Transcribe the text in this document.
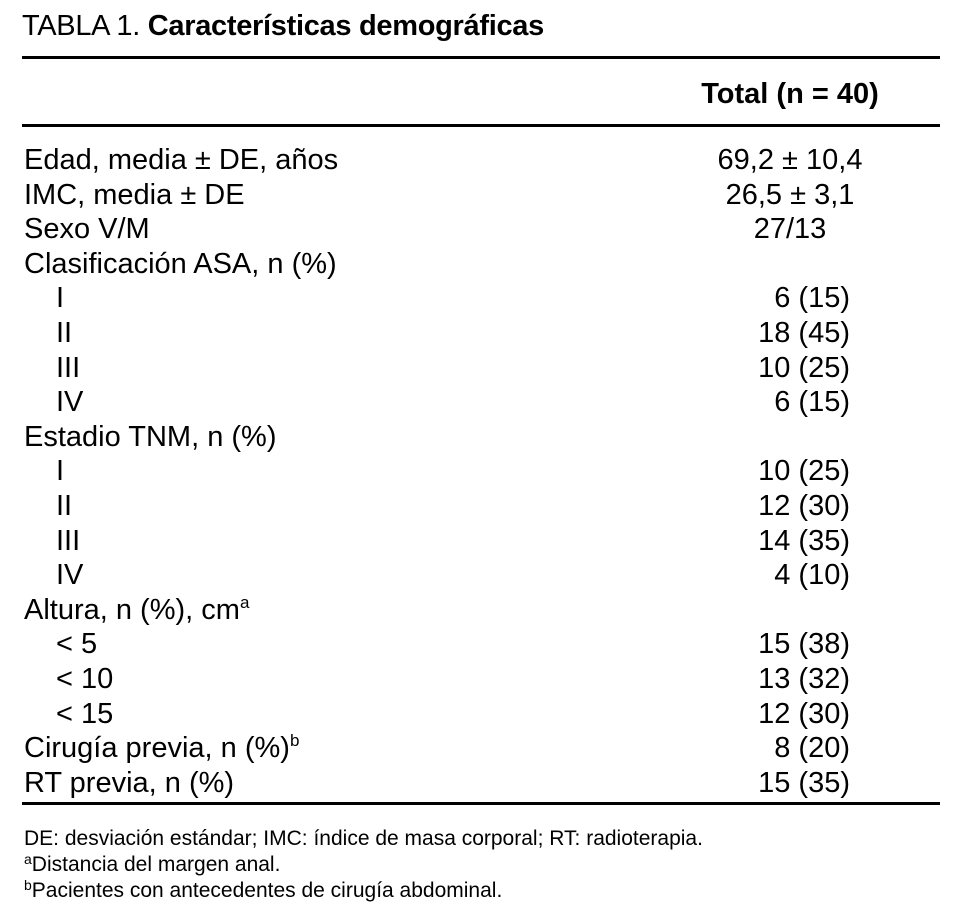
TABLA 1. Características demográficas
Total (n = 40)
Edad, media ± DE, años	69,2 ± 10,4
IMC, media ± DE	26,5 ± 3,1
Sexo V/M	27/13
Clasificación ASA, n (%)
I	6 (15)
II	18 (45)
III	10 (25)
IV	6 (15)
Estadio TNM, n (%)
I	10 (25)
II	12 (30)
III	14 (35)
IV	4 (10)
Altura, n (%), $cm^a$
< 5	15 (38)
< 10	13 (32)
< 15	12 (30)
Cirugía previa, n (%)$^b$	8 (20)
RT previa, n (%)	15 (35)
DE: desviación estándar; IMC: índice de masa corporal; RT: radioterapia.
$^a$Distancia del margen anal.
$^b$Pacientes con antecedentes de cirugía abdominal.
